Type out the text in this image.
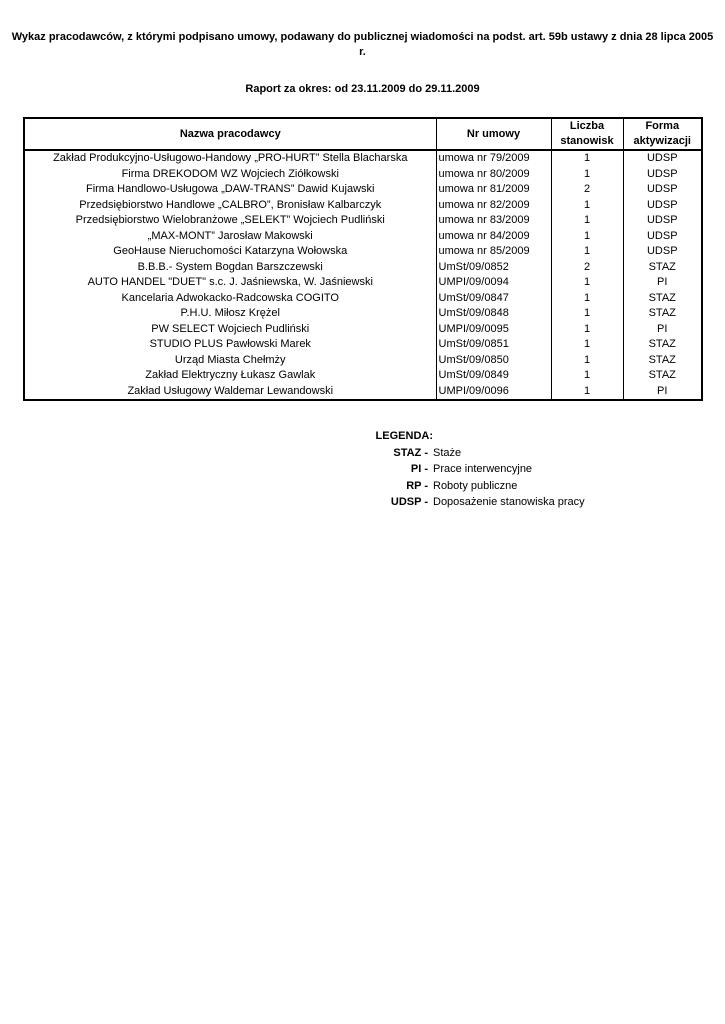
Wykaz pracodawców, z którymi podpisano umowy, podawany do publicznej wiadomości na podst. art. 59b ustawy z dnia 28 lipca 2005 r.
Raport za okres: od 23.11.2009 do 29.11.2009
Nazwa pracodawcy	Nr umowy	Liczba stanowisk	Forma aktywizacji
Zakład Produkcyjno-Usługowo-Handowy „PRO-HURT” Stella Blacharska	umowa nr 79/2009	1	UDSP
Firma DREKODOM WZ Wojciech Ziółkowski	umowa nr 80/2009	1	UDSP
Firma Handlowo-Usługowa „DAW-TRANS” Dawid Kujawski	umowa nr 81/2009	2	UDSP
Przedsiębiorstwo Handlowe „CALBRO”, Bronisław Kalbarczyk	umowa nr 82/2009	1	UDSP
Przedsiębiorstwo Wielobranżowe „SELEKT” Wojciech Pudliński	umowa nr 83/2009	1	UDSP
„MAX-MONT” Jarosław Makowski	umowa nr 84/2009	1	UDSP
GeoHause Nieruchomości Katarzyna Wołowska	umowa nr 85/2009	1	UDSP
B.B.B.- System Bogdan Barszczewski	UmSt/09/0852	2	STAZ
AUTO HANDEL "DUET" s.c. J. Jaśniewska, W. Jaśniewski	UMPI/09/0094	1	PI
Kancelaria Adwokacko-Radcowska COGITO	UmSt/09/0847	1	STAZ
P.H.U. Miłosz Krężel	UmSt/09/0848	1	STAZ
PW SELECT Wojciech Pudliński	UMPI/09/0095	1	PI
STUDIO PLUS Pawłowski Marek	UmSt/09/0851	1	STAZ
Urząd Miasta Chełmży	UmSt/09/0850	1	STAZ
Zakład Elektryczny Łukasz Gawlak	UmSt/09/0849	1	STAZ
Zakład Usługowy Waldemar Lewandowski	UMPI/09/0096	1	PI
LEGENDA:
STAZ - Staże
PI - Prace interwencyjne
RP - Roboty publiczne
UDSP - Doposażenie stanowiska pracy
